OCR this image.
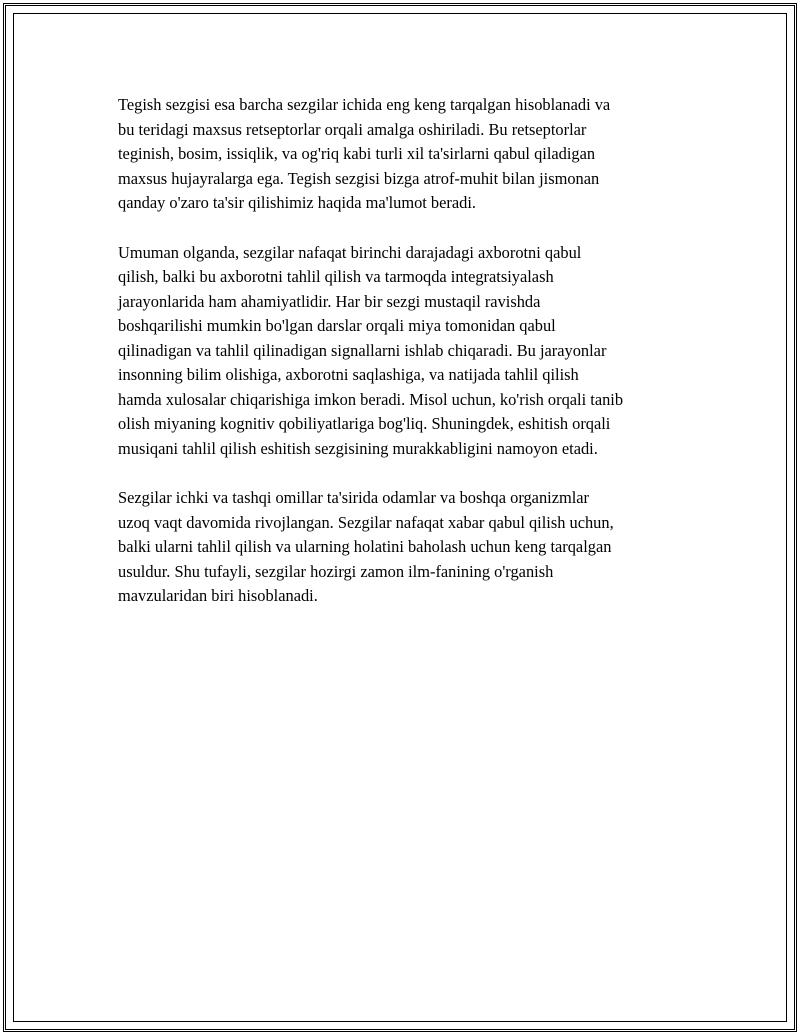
Tegish sezgisi esa barcha sezgilar ichida eng keng tarqalgan hisoblanadi va
bu teridagi maxsus retseptorlar orqali amalga oshiriladi. Bu retseptorlar
teginish, bosim, issiqlik, va og'riq kabi turli xil ta'sirlarni qabul qiladigan
maxsus hujayralarga ega. Tegish sezgisi bizga atrof-muhit bilan jismonan
qanday o'zaro ta'sir qilishimiz haqida ma'lumot beradi.

Umuman olganda, sezgilar nafaqat birinchi darajadagi axborotni qabul
qilish, balki bu axborotni tahlil qilish va tarmoqda integratsiyalash
jarayonlarida ham ahamiyatlidir. Har bir sezgi mustaqil ravishda
boshqarilishi mumkin bo'lgan darslar orqali miya tomonidan qabul
qilinadigan va tahlil qilinadigan signallarni ishlab chiqaradi. Bu jarayonlar
insonning bilim olishiga, axborotni saqlashiga, va natijada tahlil qilish
hamda xulosalar chiqarishiga imkon beradi. Misol uchun, ko'rish orqali tanib
olish miyaning kognitiv qobiliyatlariga bog'liq. Shuningdek, eshitish orqali
musiqani tahlil qilish eshitish sezgisining murakkabligini namoyon etadi.

Sezgilar ichki va tashqi omillar ta'sirida odamlar va boshqa organizmlar
uzoq vaqt davomida rivojlangan. Sezgilar nafaqat xabar qabul qilish uchun,
balki ularni tahlil qilish va ularning holatini baholash uchun keng tarqalgan
usuldur. Shu tufayli, sezgilar hozirgi zamon ilm-fanining o'rganish
mavzularidan biri hisoblanadi.
